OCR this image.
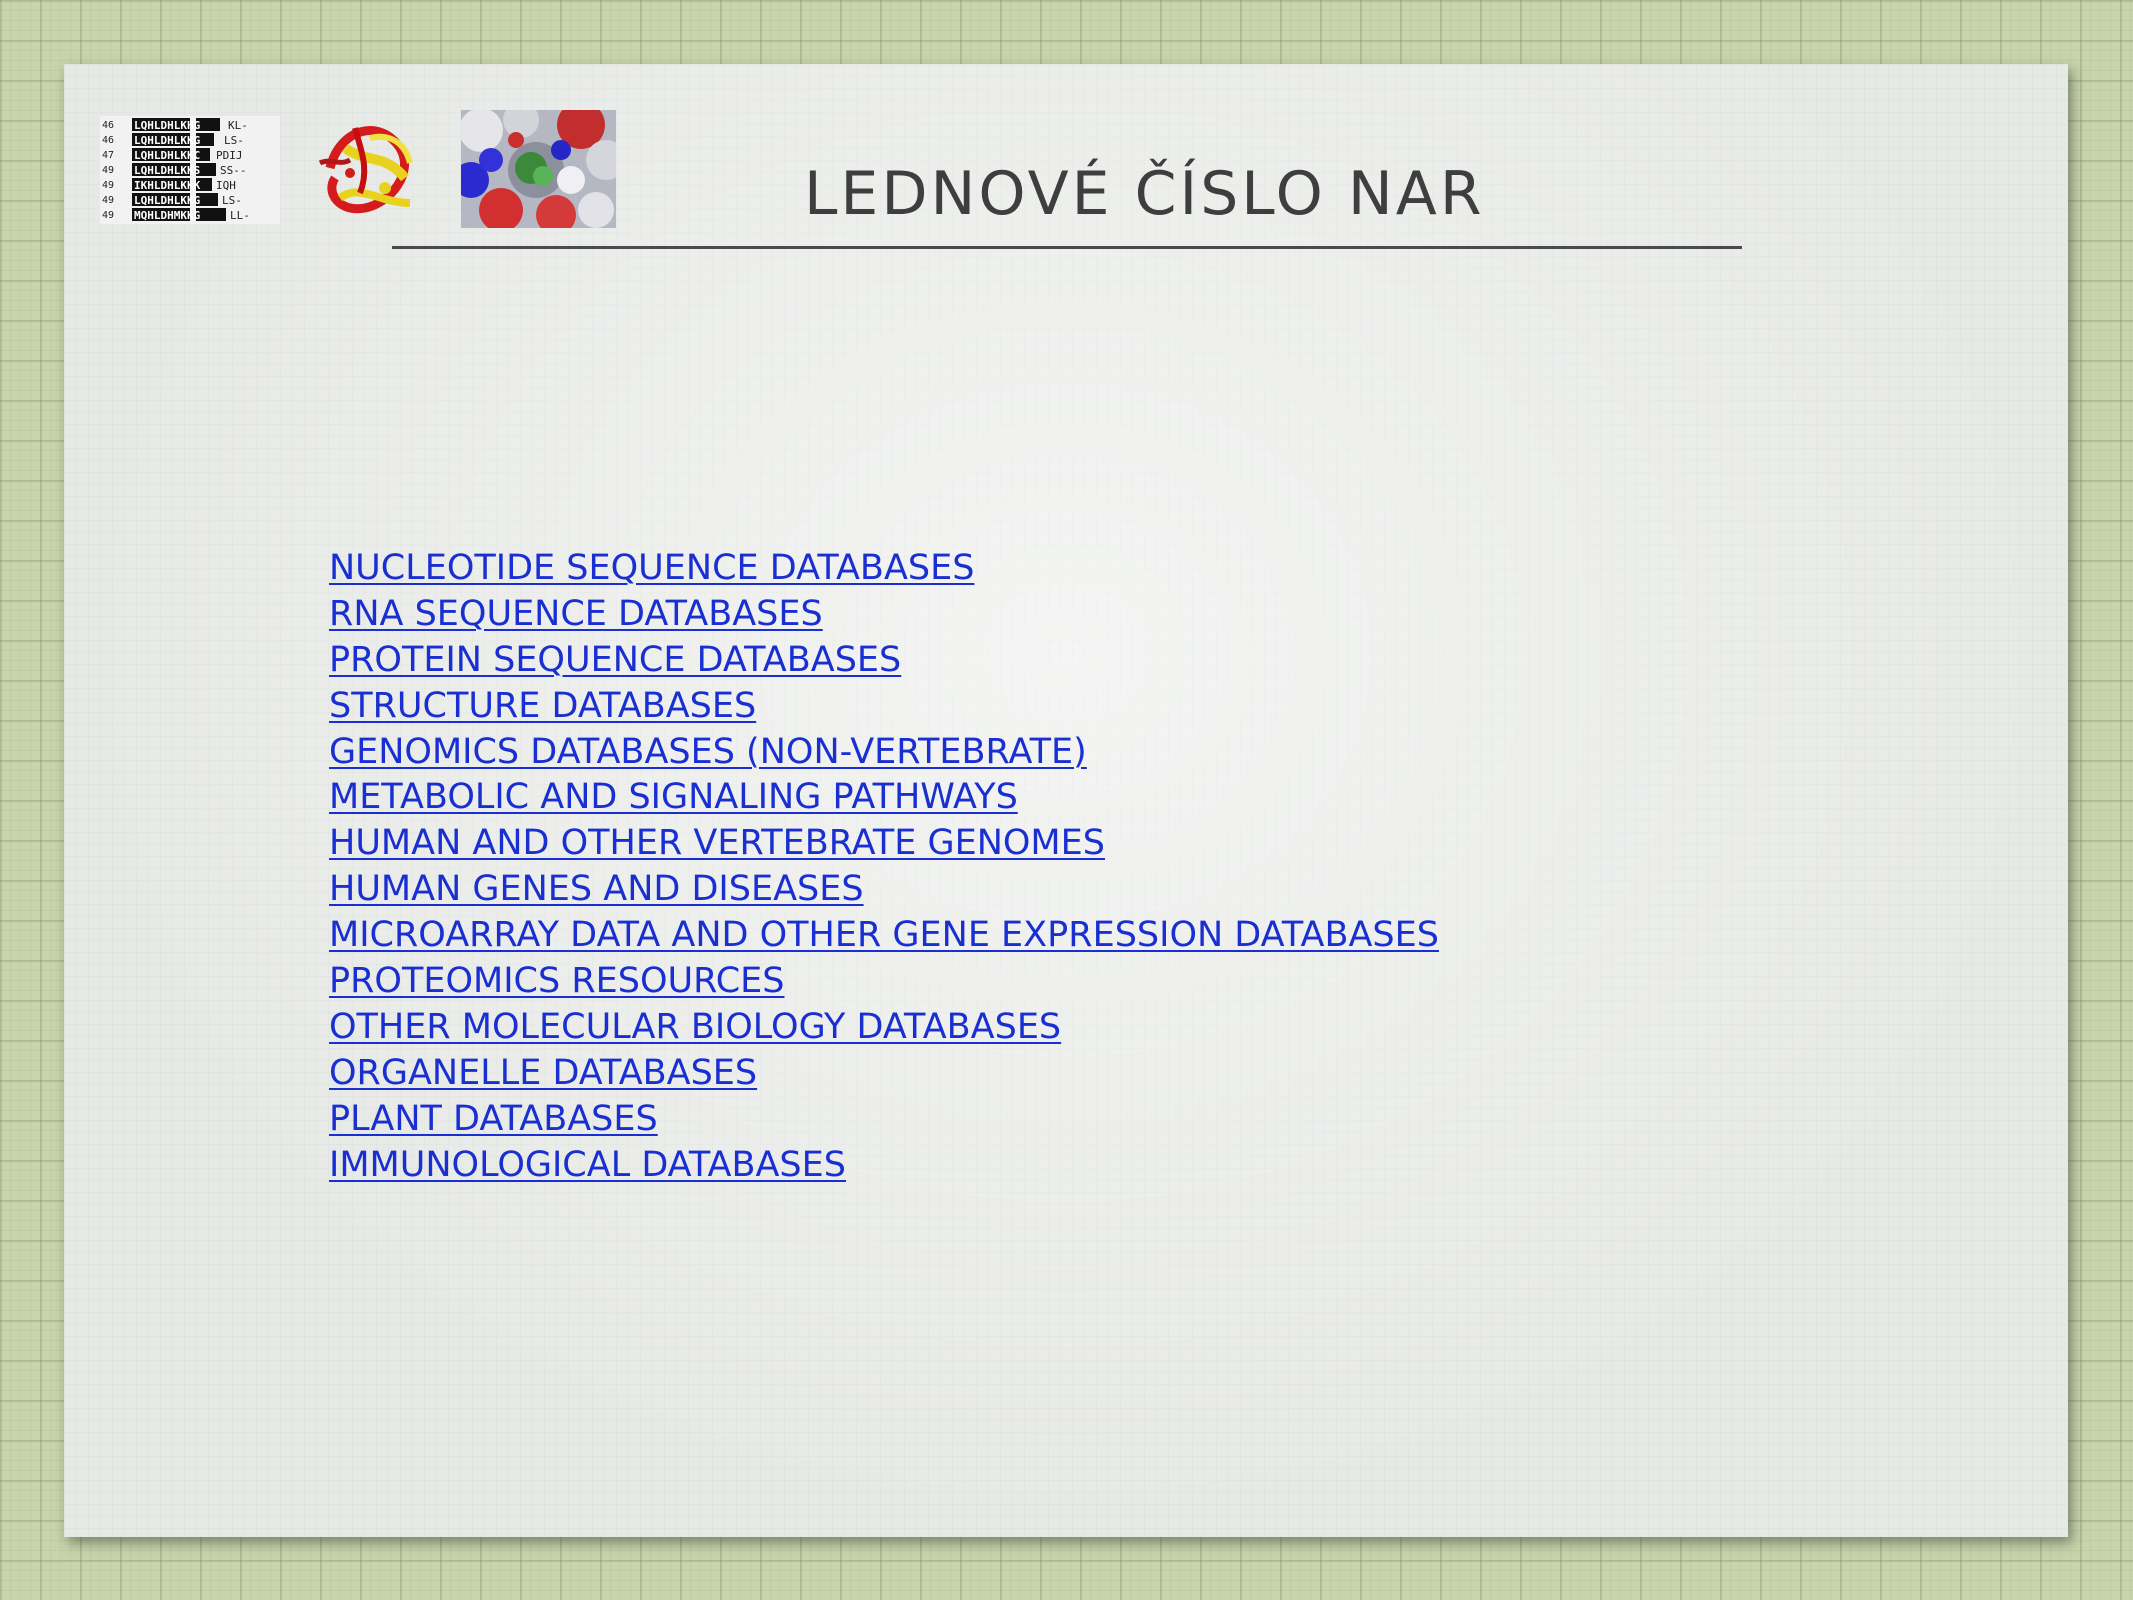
46
46
47
49
49
49
49
LQHLDHLKHG
LQHLDHLKKG
LQHLDHLKKC
LQHLDHLKKS
IKHLDHLKKK
LQHLDHLKKG
MQHLDHMKKG
KL-
LS-
PDIJ
SS--
IQH
LS-
LL-	LEDNOVÉ ČÍSLO NAR
NUCLEOTIDE SEQUENCE DATABASES
RNA SEQUENCE DATABASES
PROTEIN SEQUENCE DATABASES
STRUCTURE DATABASES
GENOMICS DATABASES (NON-VERTEBRATE)
METABOLIC AND SIGNALING PATHWAYS
HUMAN AND OTHER VERTEBRATE GENOMES
HUMAN GENES AND DISEASES
MICROARRAY DATA AND OTHER GENE EXPRESSION DATABASES
PROTEOMICS RESOURCES
OTHER MOLECULAR BIOLOGY DATABASES
ORGANELLE DATABASES
PLANT DATABASES
IMMUNOLOGICAL DATABASES
